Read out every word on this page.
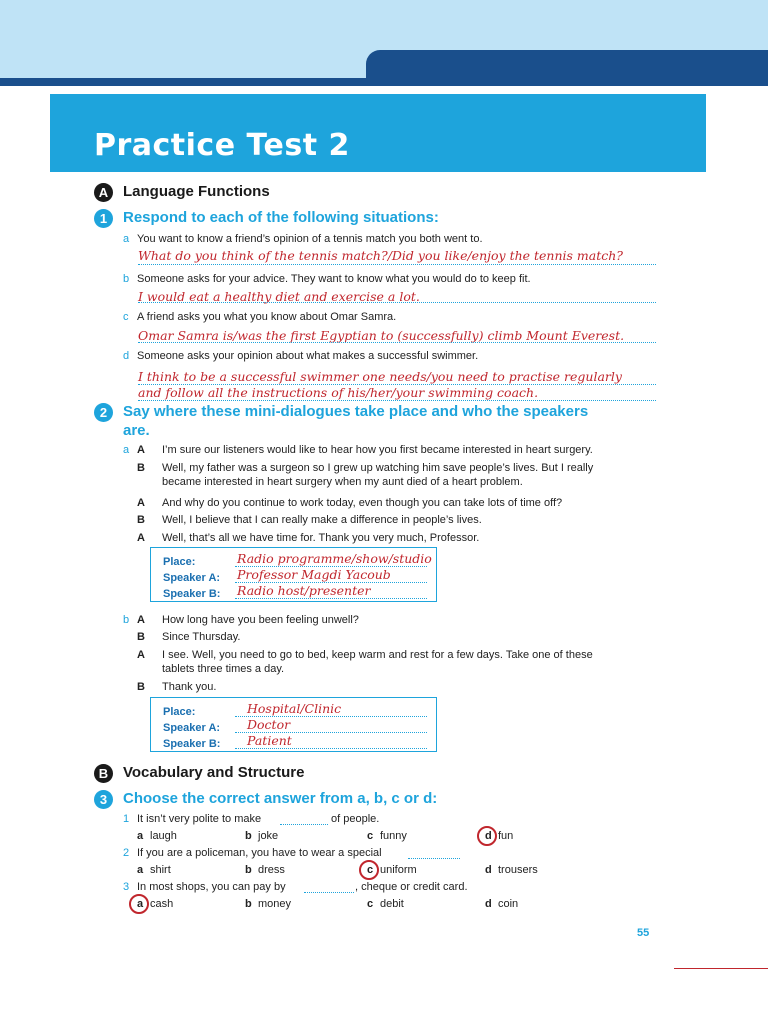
Practice Test 2
A Language Functions
1	Respond to each of the following situations:
a You want to know a friend’s opinion of a tennis match you both went to.
What do you think of the tennis match?/Did you like/enjoy the tennis match?
b Someone asks for your advice. They want to know what you would do to keep fit.
I would eat a healthy diet and exercise a lot.
c A friend asks you what you know about Omar Samra.
Omar Samra is/was the first Egyptian to (successfully) climb Mount Everest.
d Someone asks your opinion about what makes a successful swimmer.
I think to be a successful swimmer one needs/you need to practise regularly
and follow all the instructions of his/her/your swimming coach.
2	Say where these mini-dialogues take place and who the speakers
are.
a A I’m sure our listeners would like to hear how you first became interested in heart surgery.
B Well, my father was a surgeon so I grew up watching him save people’s lives. But I really
became interested in heart surgery when my aunt died of a heart problem.
A And why do you continue to work today, even though you can take lots of time off?
B Well, I believe that I can really make a difference in people’s lives.
A Well, that’s all we have time for. Thank you very much, Professor.
Place:	Radio programme/show/studio
Speaker A: Professor Magdi Yacoub
Speaker B: Radio host/presenter
b A How long have you been feeling unwell?
B Since Thursday.
A I see. Well, you need to go to bed, keep warm and rest for a few days. Take one of these
tablets three times a day.
B Thank you.
Place:	Hospital/Clinic
Speaker A: Doctor
Speaker B: Patient
B Vocabulary and Structure
3	Choose the correct answer from a, b, c or d:
1 It isn’t very polite to make	of people.
a laugh	b joke	c funny	d fun
2 If you are a policeman, you have to wear a special
a shirt	b dress	c uniform	d trousers
3 In most shops, you can pay by	, cheque or credit card.
a cash	b money	c debit	d coin
55
